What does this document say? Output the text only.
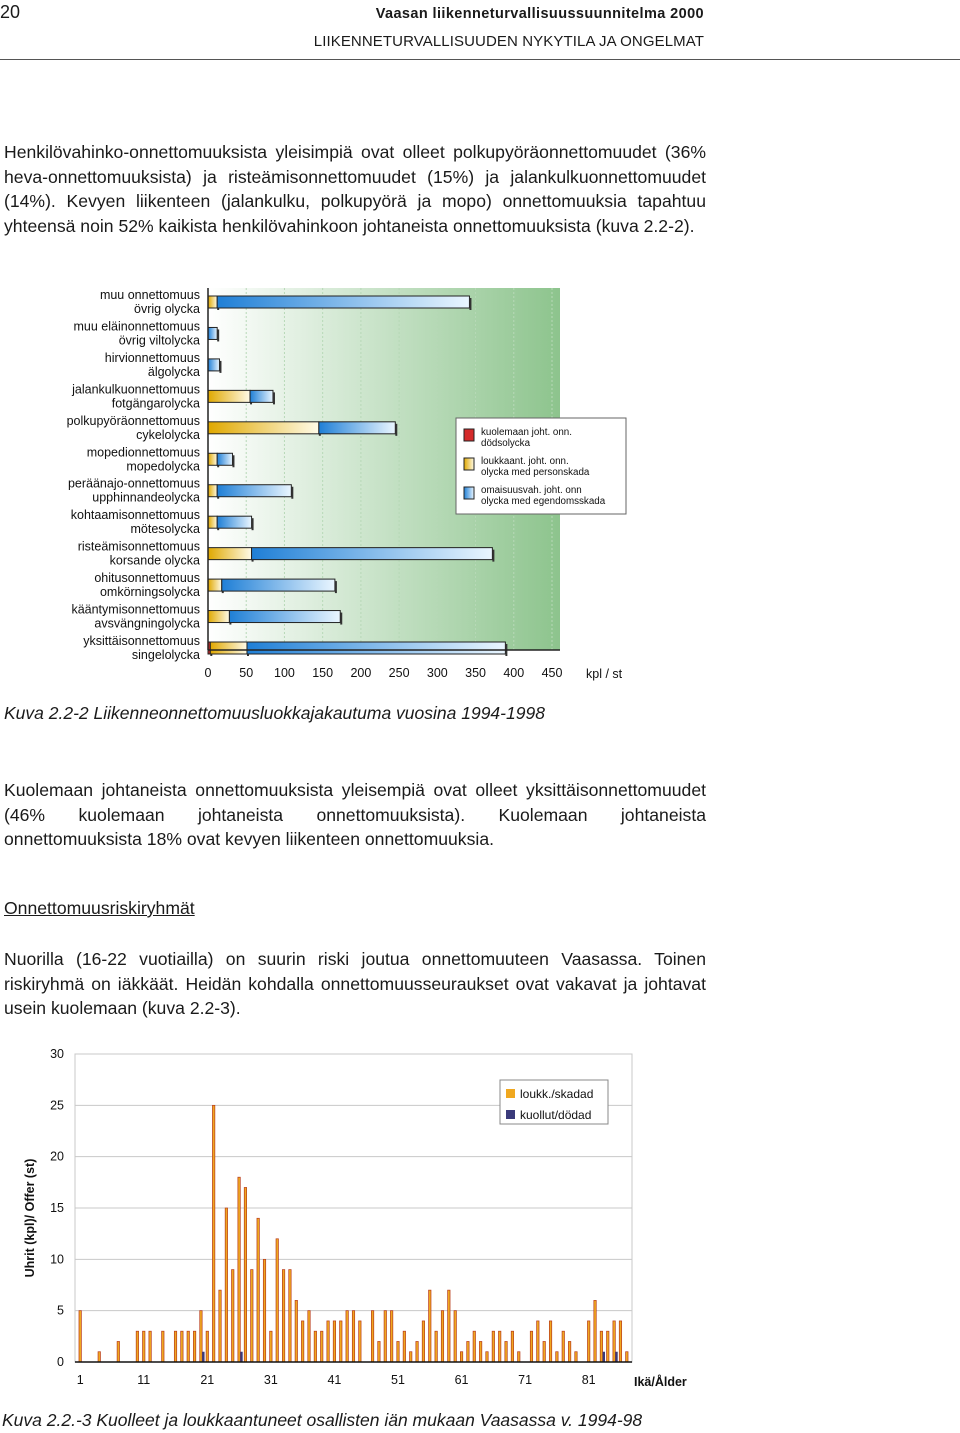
20	Vaasan liikenneturvallisuussuunnitelma 2000
LIIKENNETURVALLISUUDEN NYKYTILA JA ONGELMAT
Henkilövahinko-onnettomuuksista yleisimpiä ovat olleet polkupyöräonnettomuudet (36% heva-onnettomuuksista) ja risteämisonnettomuudet (15%) ja jalankulkuonnettomuudet (14%). Kevyen liikenteen (jalankulku, polkupyörä ja mopo) onnettomuuksia tapahtuu yhteensä noin 52% kaikista henkilövahinkoon johtaneista onnettomuuksista (kuva 2.2-2).
muu onnettomuus
övrig olycka
muu eläinonnettomuus
övrig viltolycka
hirvionnettomuus
älgolycka
jalankulkuonnettomuus
fotgängarolycka
polkupyöräonnettomuus
cykelolycka
mopedionnettomuus
mopedolycka
peräänajo-onnettomuus
upphinnandeolycka
kohtaamisonnettomuus
mötesolycka
risteämisonnettomuus
korsande olycka
ohitusonnettomuus
omkörningsolycka
kääntymisonnettomuus
avsvängningolycka
yksittäisonnettomuus
singelolycka
0 50 100 150 200 250 300 350 400 450 kpl / st
kuolemaan joht. onn.
dödsolycka
loukkaant. joht. onn.
olycka med personskada
omaisuusvah. joht. onn
olycka med egendomsskada
Kuva 2.2-2 Liikenneonnettomuusluokkajakautuma vuosina 1994-1998
Kuolemaan johtaneista onnettomuuksista yleisempiä ovat olleet yksittäisonnettomuudet (46% kuolemaan johtaneista onnettomuuksista). Kuolemaan johtaneista onnettomuuksista 18% ovat kevyen liikenteen onnettomuuksia.
Onnettomuusriskiryhmät
Nuorilla (16-22 vuotiailla) on suurin riski joutua onnettomuuteen Vaasassa. Toinen riskiryhmä on iäkkäät. Heidän kohdalla onnettomuusseuraukset ovat vakavat ja johtavat usein kuolemaan (kuva 2.2-3).
0
5
10
15
20
25
30
1	11	21	31	41	51	61	71	81	Ikä/Ålder
Uhrit (kpl)/ Offer (st)
loukk./skadad
kuollut/dödad
Kuva 2.2.-3 Kuolleet ja loukkaantuneet osallisten iän mukaan Vaasassa v. 1994-98
